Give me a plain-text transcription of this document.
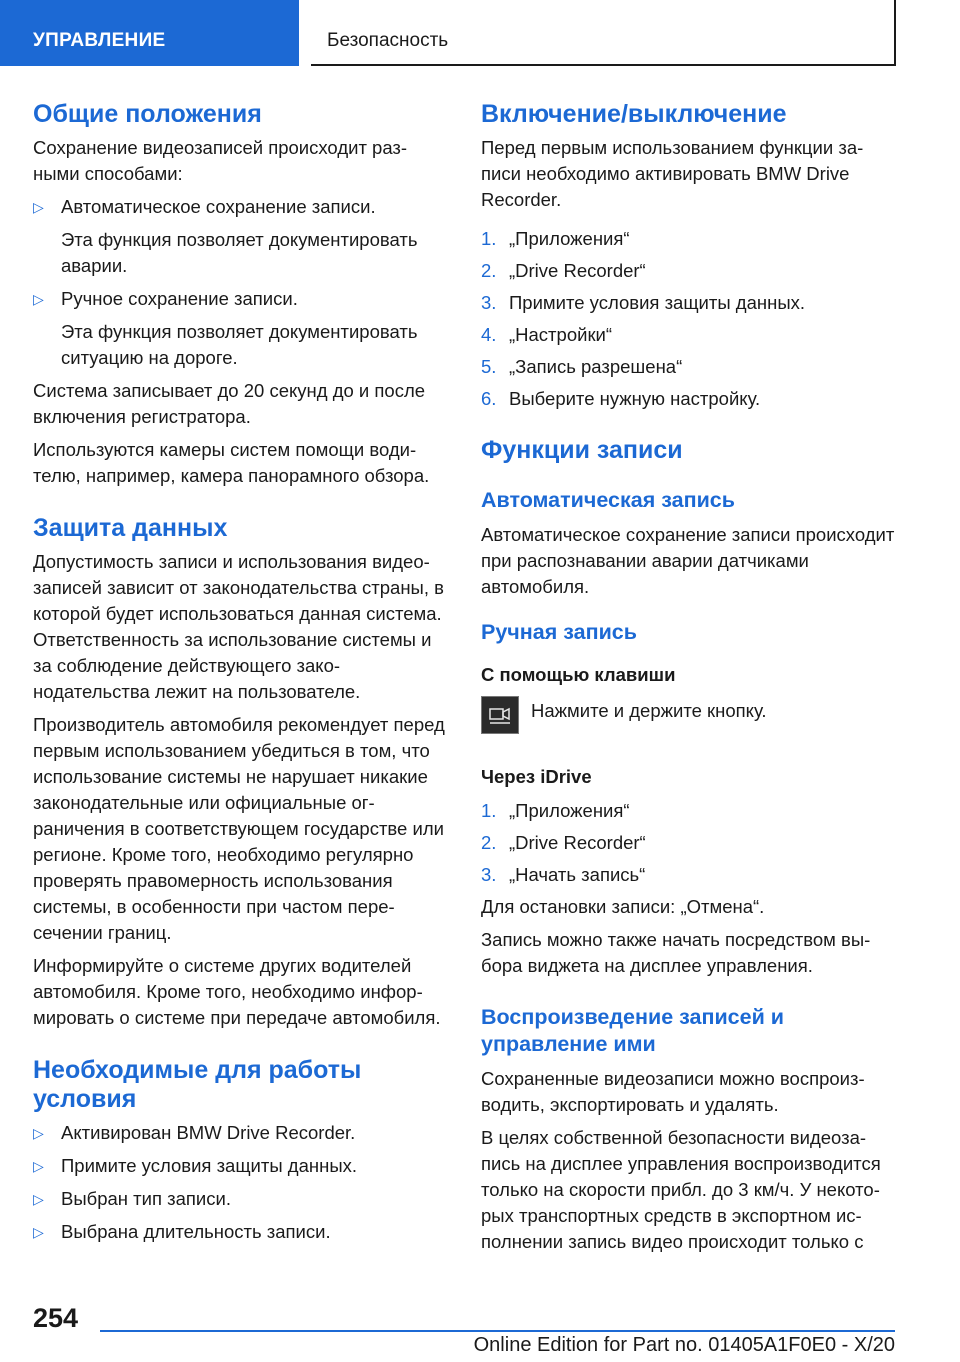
УПРАВЛЕНИЕ	Безопасность
Общие положения

Сохранение видеозаписей происходит разными способами:

▷ Автоматическое сохранение записи.

Эта функция позволяет документировать аварии.

▷ Ручное сохранение записи.

Эта функция позволяет документировать ситуацию на дороге.

Система записывает до 20 секунд до и после включения регистратора.

Используются камеры систем помощи водителю, например, камера панорамного обзора.

Защита данных

Допустимость записи и использования видеозаписей зависит от законодательства страны, в которой будет использоваться данная система. Ответственность за использование системы и за соблюдение действующего законодательства лежит на пользователе.

Производитель автомобиля рекомендует перед первым использованием убедиться в том, что использование системы не нарушает никакие законодательные или официальные ограничения в соответствующем государстве или регионе. Кроме того, необходимо регулярно проверять правомерность использования системы, в особенности при частом пересечении границ.

Информируйте о системе других водителей автомобиля. Кроме того, необходимо информировать о системе при передаче автомобиля.

Необходимые для работы условия

▷ Активирован BMW Drive Recorder.

▷ Примите условия защиты данных.

▷ Выбран тип записи.

▷ Выбрана длительность записи.

Включение/выключение

Перед первым использованием функции записи необходимо активировать BMW Drive Recorder.

1. „Приложения“

2. „Drive Recorder“

3. Примите условия защиты данных.

4. „Настройки“

5. „Запись разрешена“

6. Выберите нужную настройку.

Функции записи
Автоматическая запись

Автоматическое сохранение записи происходит при распознавании аварии датчиками автомобиля.

Ручная запись
С помощью клавиши

Нажмите и держите кнопку.

Через iDrive

1. „Приложения“

2. „Drive Recorder“

3. „Начать запись“

Для остановки записи: „Отмена“.

Запись можно также начать посредством выбора виджета на дисплее управления.

Воспроизведение записей и управление ими

Сохраненные видеозаписи можно воспроизводить, экспортировать и удалять.

В целях собственной безопасности видеозапись на дисплее управления воспроизводится только на скорости прибл. до 3 км/ч. У некоторых транспортных средств в экспортном исполнении запись видео происходит только с

254
Online Edition for Part no. 01405A1F0E0 - X/20
